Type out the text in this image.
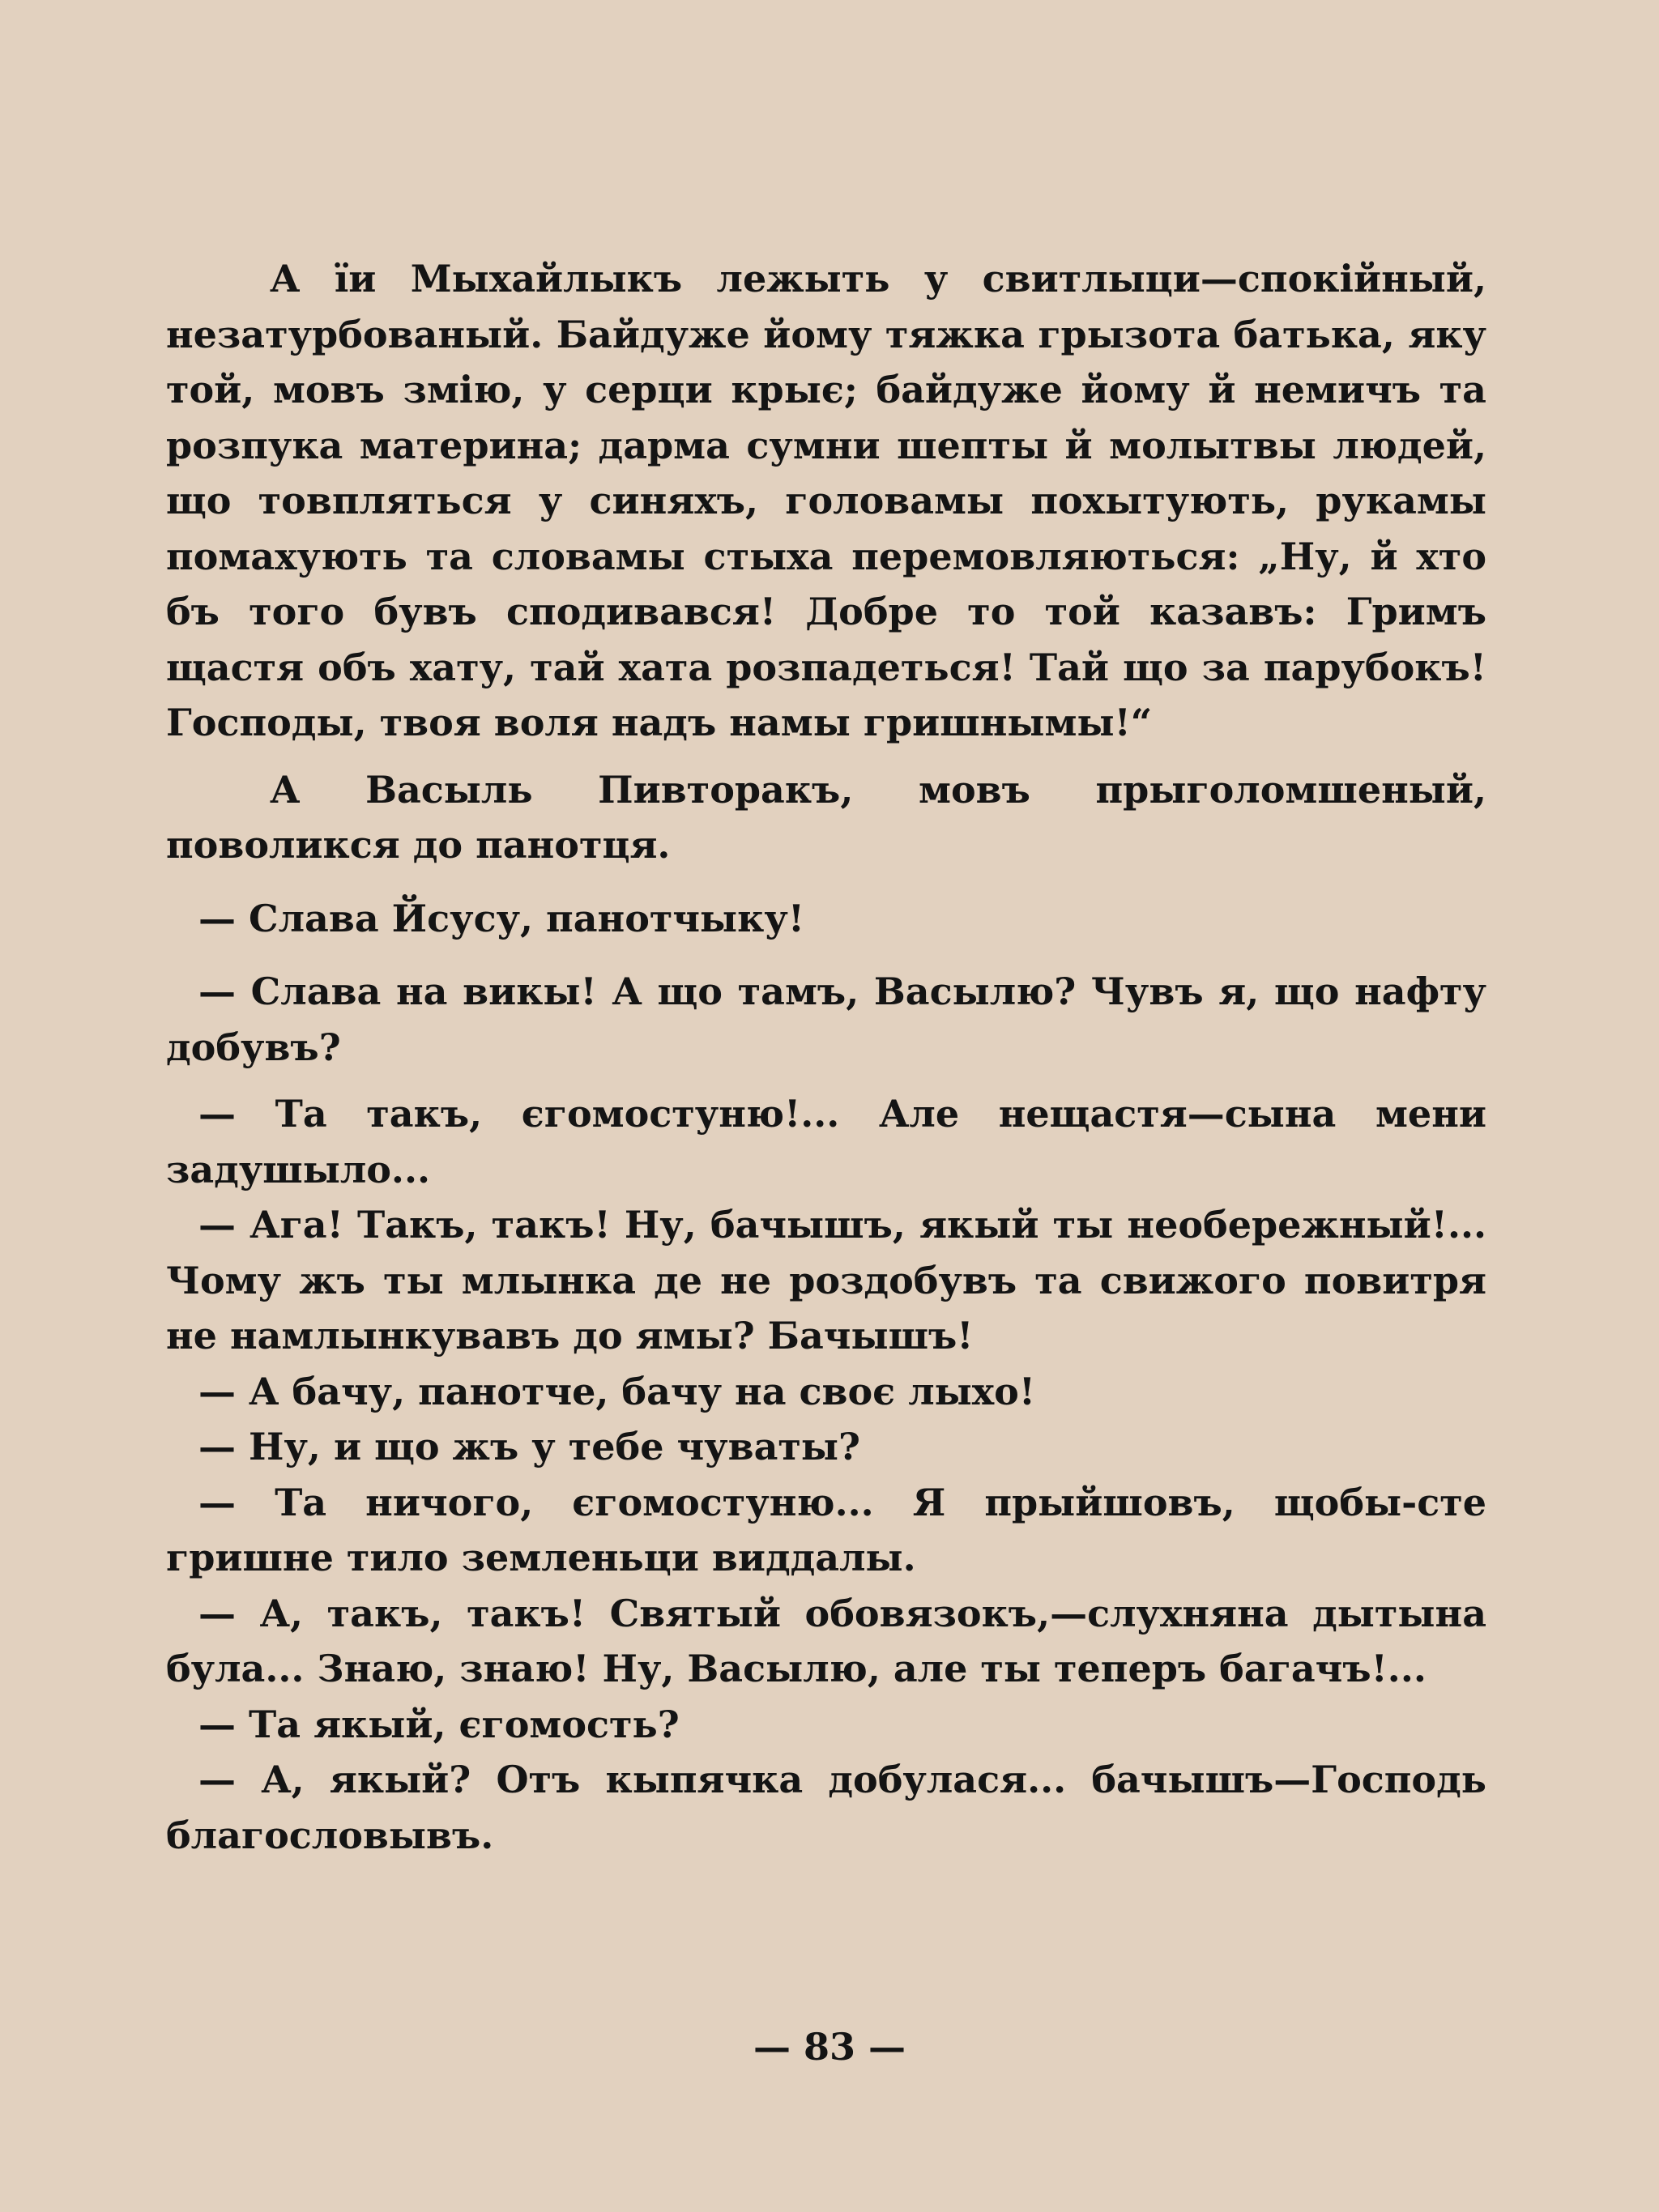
А їи Мыхайлыкъ лежыть у свитлыци—спокійный, незатурбованый. Байдуже йому тяжка грызота батька, яку той, мовъ змію, у серци крыє; байдуже йому й немичъ та розпука материна; дарма сумни шепты й молытвы людей, що товпляться у синяхъ, головамы похытують, рукамы помахують та словамы стыха перемовляються: „Ну, й хто бъ того бувъ сподивався! Добре то той казавъ: Гримъ щастя объ хату, тай хата розпадеться! Тай що за парубокъ! Господы, твоя воля надъ намы гришнымы!“

А Васыль Пивторакъ, мовъ прыголомшеный, поволикся до панотця.

— Слава Йсусу, панотчыку!

— Слава на викы! А що тамъ, Васылю? Чувъ я, що нафту добувъ?

— Та такъ, єгомостуню!... Але нещастя—сына мени задушыло...

— Ага! Такъ, такъ! Ну, бачышъ, якый ты необережный!... Чому жъ ты млынка де не роздобувъ та свижого повитря не намлынкувавъ до ямы? Бачышъ!

— А бачу, панотче, бачу на своє лыхо!

— Ну, и що жъ у тебе чуваты?

— Та ничого, єгомостуню... Я прыйшовъ, щобы-сте гришне тило земленьци виддалы.

— А, такъ, такъ! Святый обовязокъ,—слухняна дытына була... Знаю, знаю! Ну, Васылю, але ты теперъ багачъ!...

— Та якый, єгомость?

— А, якый? Отъ кыпячка добулася... бачышъ—Господь благословывъ.

— 83 —
